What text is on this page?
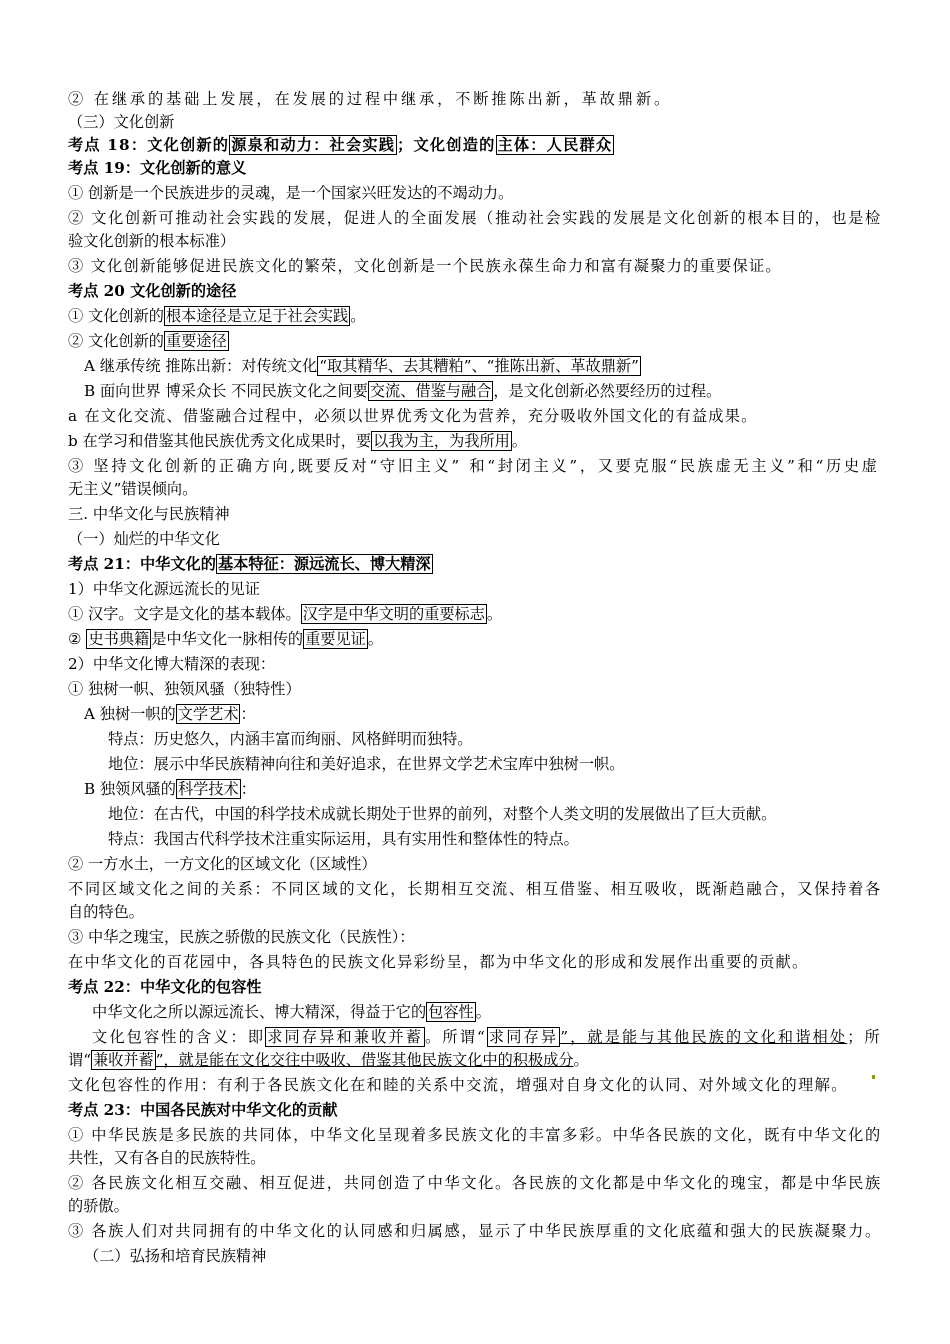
② 在继承的基础上发展，在发展的过程中继承，不断推陈出新，革故鼎新。
（三）文化创新
考点 18：文化创新的 源泉和动力：社会实践 ；文化创造的 主体：人民群众
考点 19：文化创新的意义
① 创新是一个民族进步的灵魂，是一个国家兴旺发达的不竭动力。
② 文化创新可推动社会实践的发展，促进人的全面发展（推动社会实践的发展是文化创新的根本目的，也是检
验文化创新的根本标准）
③ 文化创新能够促进民族文化的繁荣，文化创新是一个民族永葆生命力和富有凝聚力的重要保证。
考点 20 文化创新的途径
① 文化创新的 根本途径是立足于社会实践 。
② 文化创新的 重要途径
A 继承传统 推陈出新：对传统文化 “取其精华、去其糟粕”、“推陈出新、革故鼎新”
B 面向世界 博采众长 不同民族文化之间要 交流、借鉴与融合 ，是文化创新必然要经历的过程。
a 在文化交流、借鉴融合过程中，必须以世界优秀文化为营养，充分吸收外国文化的有益成果。
b 在学习和借鉴其他民族优秀文化成果时，要 以我为主，为我所用 。
③ 坚持文化创新的正确方向,既要反对“守旧主义” 和“封闭主义”，又要克服“民族虚无主义”和“历史虚
无主义”错误倾向。
三. 中华文化与民族精神
（一）灿烂的中华文化
考点 21：中华文化的 基本特征：源远流长、博大精深
1）中华文化源远流长的见证
① 汉字。文字是文化的基本载体。 汉字是中华文明的重要标志 。
② 史书典籍 是中华文化一脉相传的 重要见证 。
2）中华文化博大精深的表现：
① 独树一帜、独领风骚（独特性）
A 独树一帜的 文学艺术 ：
特点：历史悠久，内涵丰富而绚丽、风格鲜明而独特。
地位：展示中华民族精神向往和美好追求，在世界文学艺术宝库中独树一帜。
B 独领风骚的 科学技术 ：
地位：在古代，中国的科学技术成就长期处于世界的前列，对整个人类文明的发展做出了巨大贡献。
特点：我国古代科学技术注重实际运用，具有实用性和整体性的特点。
② 一方水土，一方文化的区域文化（区域性）
不同区域文化之间的关系：不同区域的文化，长期相互交流、相互借鉴、相互吸收，既渐趋融合，又保持着各
自的特色。
③ 中华之瑰宝，民族之骄傲的民族文化（民族性）：
在中华文化的百花园中，各具特色的民族文化异彩纷呈，都为中华文化的形成和发展作出重要的贡献。
考点 22：中华文化的包容性
中华文化之所以源远流长、博大精深，得益于它的 包容性 。
文化包容性的含义：即 求同存异和兼收并蓄 。所谓“ 求同存异 ”，就是能与其他民族的文化和谐相处；所
谓“ 兼收并蓄 ”，就是能在文化交往中吸收、借鉴其他民族文化中的积极成分。
文化包容性的作用：有利于各民族文化在和睦的关系中交流，增强对自身文化的认同、对外域文化的理解。
考点 23：中国各民族对中华文化的贡献
① 中华民族是多民族的共同体，中华文化呈现着多民族文化的丰富多彩。中华各民族的文化，既有中华文化的
共性，又有各自的民族特性。
② 各民族文化相互交融、相互促进，共同创造了中华文化。各民族的文化都是中华文化的瑰宝，都是中华民族
的骄傲。
③ 各族人们对共同拥有的中华文化的认同感和归属感，显示了中华民族厚重的文化底蕴和强大的民族凝聚力。
（二）弘扬和培育民族精神
